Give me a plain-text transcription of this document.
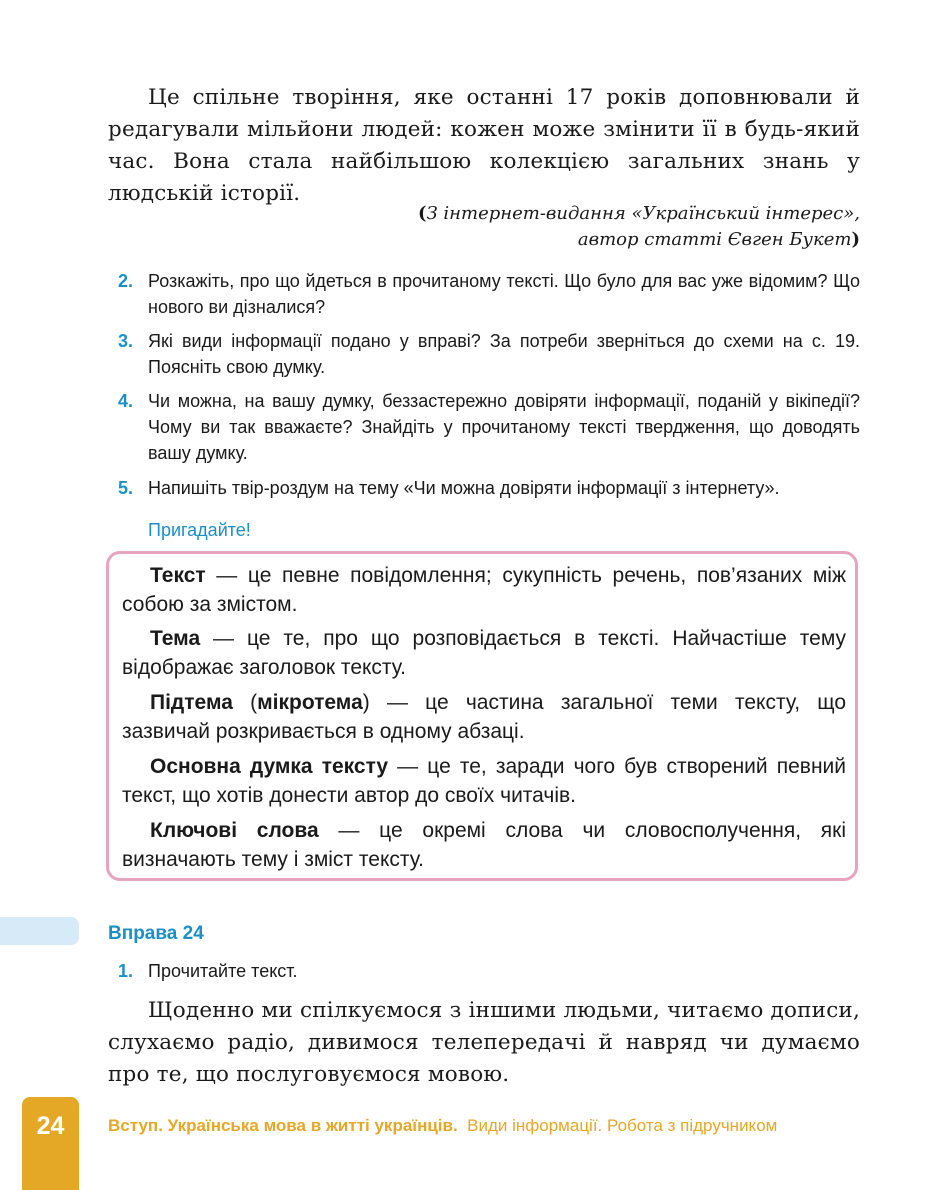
Це спільне творіння, яке останні 17 років доповнювали й редагували мільйони людей: кожен може змінити її в будь-який час. Вона стала найбільшою колекцією загальних знань у людській історії.

(З інтернет-видання «Український інтерес»,
автор статті Євген Букет)
2. Розкажіть, про що йдеться в прочитаному тексті. Що було для вас уже відомим? Що нового ви дізналися?
3. Які види інформації подано у вправі? За потреби зверніться до схеми на с. 19. Поясніть свою думку.
4. Чи можна, на вашу думку, беззастережно довіряти інформації, поданій у вікіпедії? Чому ви так вважаєте? Знайдіть у прочитаному тексті твердження, що доводять вашу думку.
5. Напишіть твір-роздум на тему «Чи можна довіряти інформації з інтернету».
Пригадайте!

Текст — це певне повідомлення; сукупність речень, пов’язаних між собою за змістом.

Тема — це те, про що розповідається в тексті. Найчастіше тему відображає заголовок тексту.

Підтема (мікротема) — це частина загальної теми тексту, що зазвичай розкривається в одному абзаці.

Основна думка тексту — це те, заради чого був створений певний текст, що хотів донести автор до своїх читачів.

Ключові слова — це окремі слова чи словосполучення, які визначають тему і зміст тексту.

Вправа 24
1. Прочитайте текст.

Щоденно ми спілкуємося з іншими людьми, читаємо дописи, слухаємо радіо, дивимося телепередачі й навряд чи думаємо про те, що послуговуємося мовою.

24	Вступ. Українська мова в житті українців. Види інформації. Робота з підручником
